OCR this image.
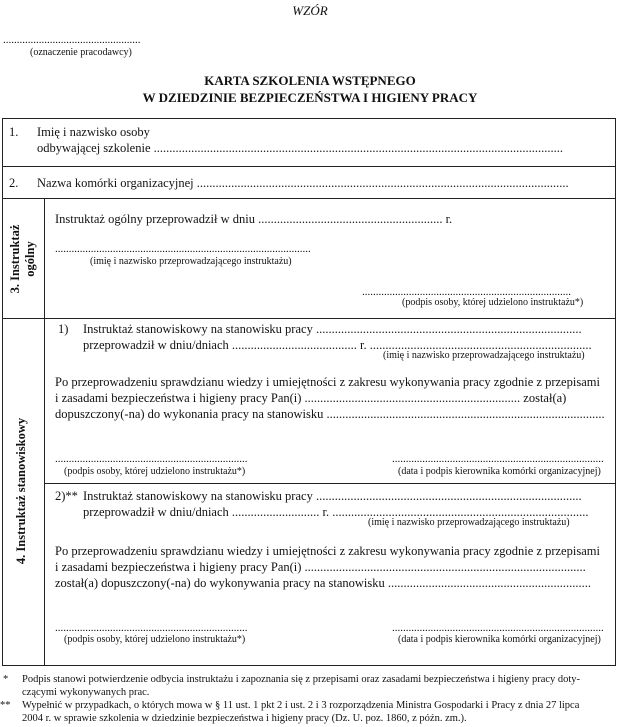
WZÓR
..................................................
(oznaczenie pracodawcy)
KARTA SZKOLENIA WSTĘPNEGO
W DZIEDZINIE BEZPIECZEŃSTWA I HIGIENY PRACY
1. Imię i nazwisko osoby
odbywającej szkolenie ...................................................................................................................................
2. Nazwa komórki organizacyjnej .......................................................................................................................
3. Instruktaż ogólny
Instruktaż ogólny przeprowadził w dniu ........................................................... r.
.............................................................................................
(imię i nazwisko przeprowadzającego instruktażu)
............................................................................
(podpis osoby, której udzielono instruktażu*)
4. Instruktaż stanowiskowy
1) Instruktaż stanowiskowy na stanowisku pracy .....................................................................................
przeprowadził w dniu/dniach ........................................ r. .......................................................................
(imię i nazwisko przeprowadzającego instruktażu)
Po przeprowadzeniu sprawdzianu wiedzy i umiejętności z zakresu wykonywania pracy zgodnie z przepisami
i zasadami bezpieczeństwa i higieny pracy Pan(i) ..................................................................... został(a)
dopuszczony(-na) do wykonania pracy na stanowisku .........................................................................................
......................................................................
(podpis osoby, której udzielono instruktażu*)
.............................................................................
(data i podpis kierownika komórki organizacyjnej)
2)** Instruktaż stanowiskowy na stanowisku pracy .....................................................................................
przeprowadził w dniu/dniach ............................ r. ..................................................................................
(imię i nazwisko przeprowadzającego instruktażu)
Po przeprowadzeniu sprawdzianu wiedzy i umiejętności z zakresu wykonywania pracy zgodnie z przepisami
i zasadami bezpieczeństwa i higieny pracy Pan(i) ..........................................................................................
został(a) dopuszczony(-na) do wykonywania pracy na stanowisku .................................................................
......................................................................
(podpis osoby, której udzielono instruktażu*)
.............................................................................
(data i podpis kierownika komórki organizacyjnej)
* Podpis stanowi potwierdzenie odbycia instruktażu i zapoznania się z przepisami oraz zasadami bezpieczeństwa i higieny pracy doty-
czącymi wykonywanych prac.
** Wypełnić w przypadkach, o których mowa w § 11 ust. 1 pkt 2 i ust. 2 i 3 rozporządzenia Ministra Gospodarki i Pracy z dnia 27 lipca
2004 r. w sprawie szkolenia w dziedzinie bezpieczeństwa i higieny pracy (Dz. U. poz. 1860, z późn. zm.).
